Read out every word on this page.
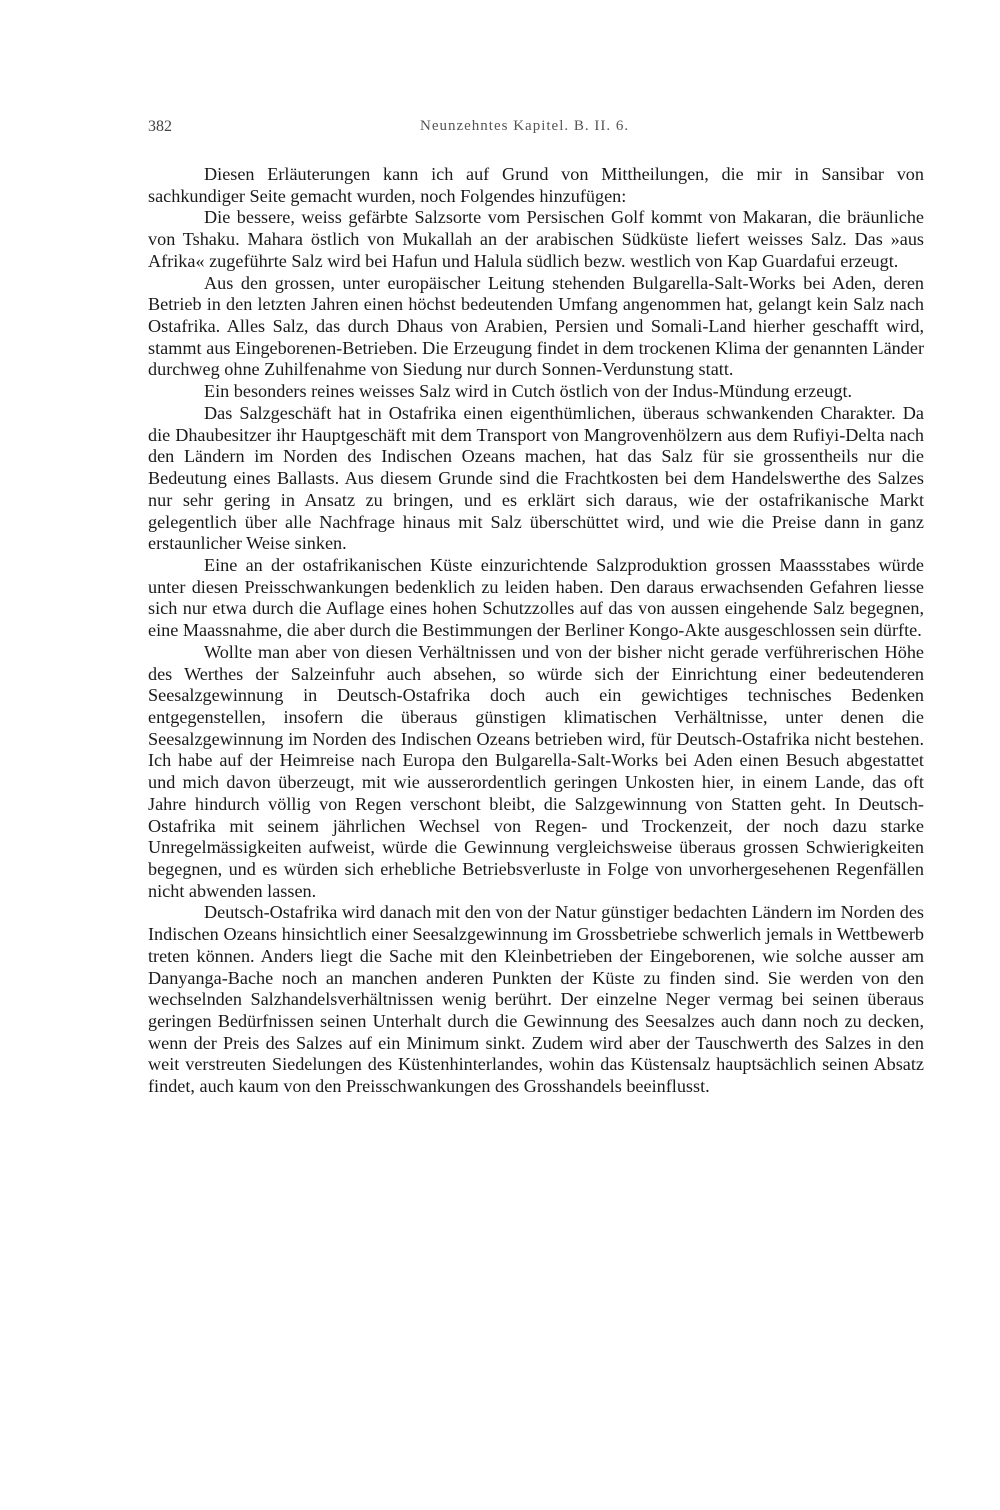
382	Neunzehntes Kapitel. B. II. 6.

Diesen Erläuterungen kann ich auf Grund von Mittheilungen, die mir in Sansibar von sachkundiger Seite gemacht wurden, noch Folgendes hinzufügen:

Die bessere, weiss gefärbte Salzsorte vom Persischen Golf kommt von Makaran, die bräunliche von Tshaku. Mahara östlich von Mukallah an der arabischen Südküste liefert weisses Salz. Das »aus Afrika« zugeführte Salz wird bei Hafun und Halula südlich bezw. westlich von Kap Guardafui erzeugt.

Aus den grossen, unter europäischer Leitung stehenden Bulgarella-Salt-Works bei Aden, deren Betrieb in den letzten Jahren einen höchst bedeutenden Umfang angenommen hat, gelangt kein Salz nach Ostafrika. Alles Salz, das durch Dhaus von Arabien, Persien und Somali-Land hierher geschafft wird, stammt aus Eingeborenen-Betrieben. Die Erzeugung findet in dem trockenen Klima der genannten Länder durchweg ohne Zuhilfenahme von Siedung nur durch Sonnen-Verdunstung statt.

Ein besonders reines weisses Salz wird in Cutch östlich von der Indus-Mündung erzeugt.

Das Salzgeschäft hat in Ostafrika einen eigenthümlichen, überaus schwankenden Charakter. Da die Dhaubesitzer ihr Hauptgeschäft mit dem Transport von Mangrovenhölzern aus dem Rufiyi-Delta nach den Ländern im Norden des Indischen Ozeans machen, hat das Salz für sie grossentheils nur die Bedeutung eines Ballasts. Aus diesem Grunde sind die Frachtkosten bei dem Handelswerthe des Salzes nur sehr gering in Ansatz zu bringen, und es erklärt sich daraus, wie der ostafrikanische Markt gelegentlich über alle Nachfrage hinaus mit Salz überschüttet wird, und wie die Preise dann in ganz erstaunlicher Weise sinken.

Eine an der ostafrikanischen Küste einzurichtende Salzproduktion grossen Maassstabes würde unter diesen Preisschwankungen bedenklich zu leiden haben. Den daraus erwachsenden Gefahren liesse sich nur etwa durch die Auflage eines hohen Schutzzolles auf das von aussen eingehende Salz begegnen, eine Maassnahme, die aber durch die Bestimmungen der Berliner Kongo-Akte ausgeschlossen sein dürfte.

Wollte man aber von diesen Verhältnissen und von der bisher nicht gerade verführerischen Höhe des Werthes der Salzeinfuhr auch absehen, so würde sich der Einrichtung einer bedeutenderen Seesalzgewinnung in Deutsch-Ostafrika doch auch ein gewichtiges technisches Bedenken entgegenstellen, insofern die überaus günstigen klimatischen Verhältnisse, unter denen die Seesalzgewinnung im Norden des Indischen Ozeans betrieben wird, für Deutsch-Ostafrika nicht bestehen. Ich habe auf der Heimreise nach Europa den Bulgarella-Salt-Works bei Aden einen Besuch abgestattet und mich davon überzeugt, mit wie ausserordentlich geringen Unkosten hier, in einem Lande, das oft Jahre hindurch völlig von Regen verschont bleibt, die Salzgewinnung von Statten geht. In Deutsch-Ostafrika mit seinem jährlichen Wechsel von Regen- und Trockenzeit, der noch dazu starke Unregelmässigkeiten aufweist, würde die Gewinnung vergleichsweise überaus grossen Schwierigkeiten begegnen, und es würden sich erhebliche Betriebsverluste in Folge von unvorhergesehenen Regenfällen nicht abwenden lassen.

Deutsch-Ostafrika wird danach mit den von der Natur günstiger bedachten Ländern im Norden des Indischen Ozeans hinsichtlich einer Seesalzgewinnung im Grossbetriebe schwerlich jemals in Wettbewerb treten können. Anders liegt die Sache mit den Kleinbetrieben der Eingeborenen, wie solche ausser am Danyanga-Bache noch an manchen anderen Punkten der Küste zu finden sind. Sie werden von den wechselnden Salzhandelsverhältnissen wenig berührt. Der einzelne Neger vermag bei seinen überaus geringen Bedürfnissen seinen Unterhalt durch die Gewinnung des Seesalzes auch dann noch zu decken, wenn der Preis des Salzes auf ein Minimum sinkt. Zudem wird aber der Tauschwerth des Salzes in den weit verstreuten Siedelungen des Küstenhinterlandes, wohin das Küstensalz hauptsächlich seinen Absatz findet, auch kaum von den Preisschwankungen des Grosshandels beeinflusst.
